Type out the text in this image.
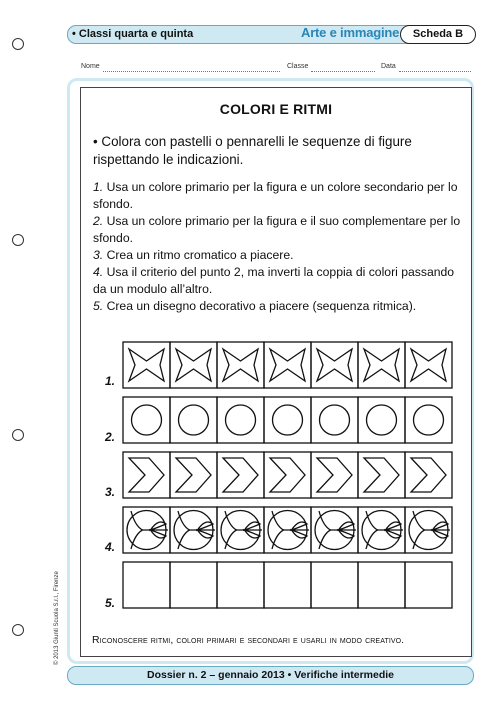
• Classi quarta e quinta	Arte e immagine	Scheda B
Nome	Classe	Data
COLORI E RITMI
• Colora con pastelli o pennarelli le sequenze di figure rispettando le indicazioni.

1. Usa un colore primario per la figura e un colore secondario per lo sfondo.

2. Usa un colore primario per la figura e il suo complementare per lo sfondo.

3. Crea un ritmo cromatico a piacere.

4. Usa il criterio del punto 2, ma inverti la coppia di colori passando da un modulo all’altro.

5. Crea un disegno decorativo a piacere (sequenza ritmica).

1.
2.
3.
4.
5.
Riconoscere ritmi, colori primari e secondari e usarli in modo creativo.
© 2013 Giunti Scuola S.r.l., Firenze
Dossier n. 2 – gennaio 2013 • Verifiche intermedie
